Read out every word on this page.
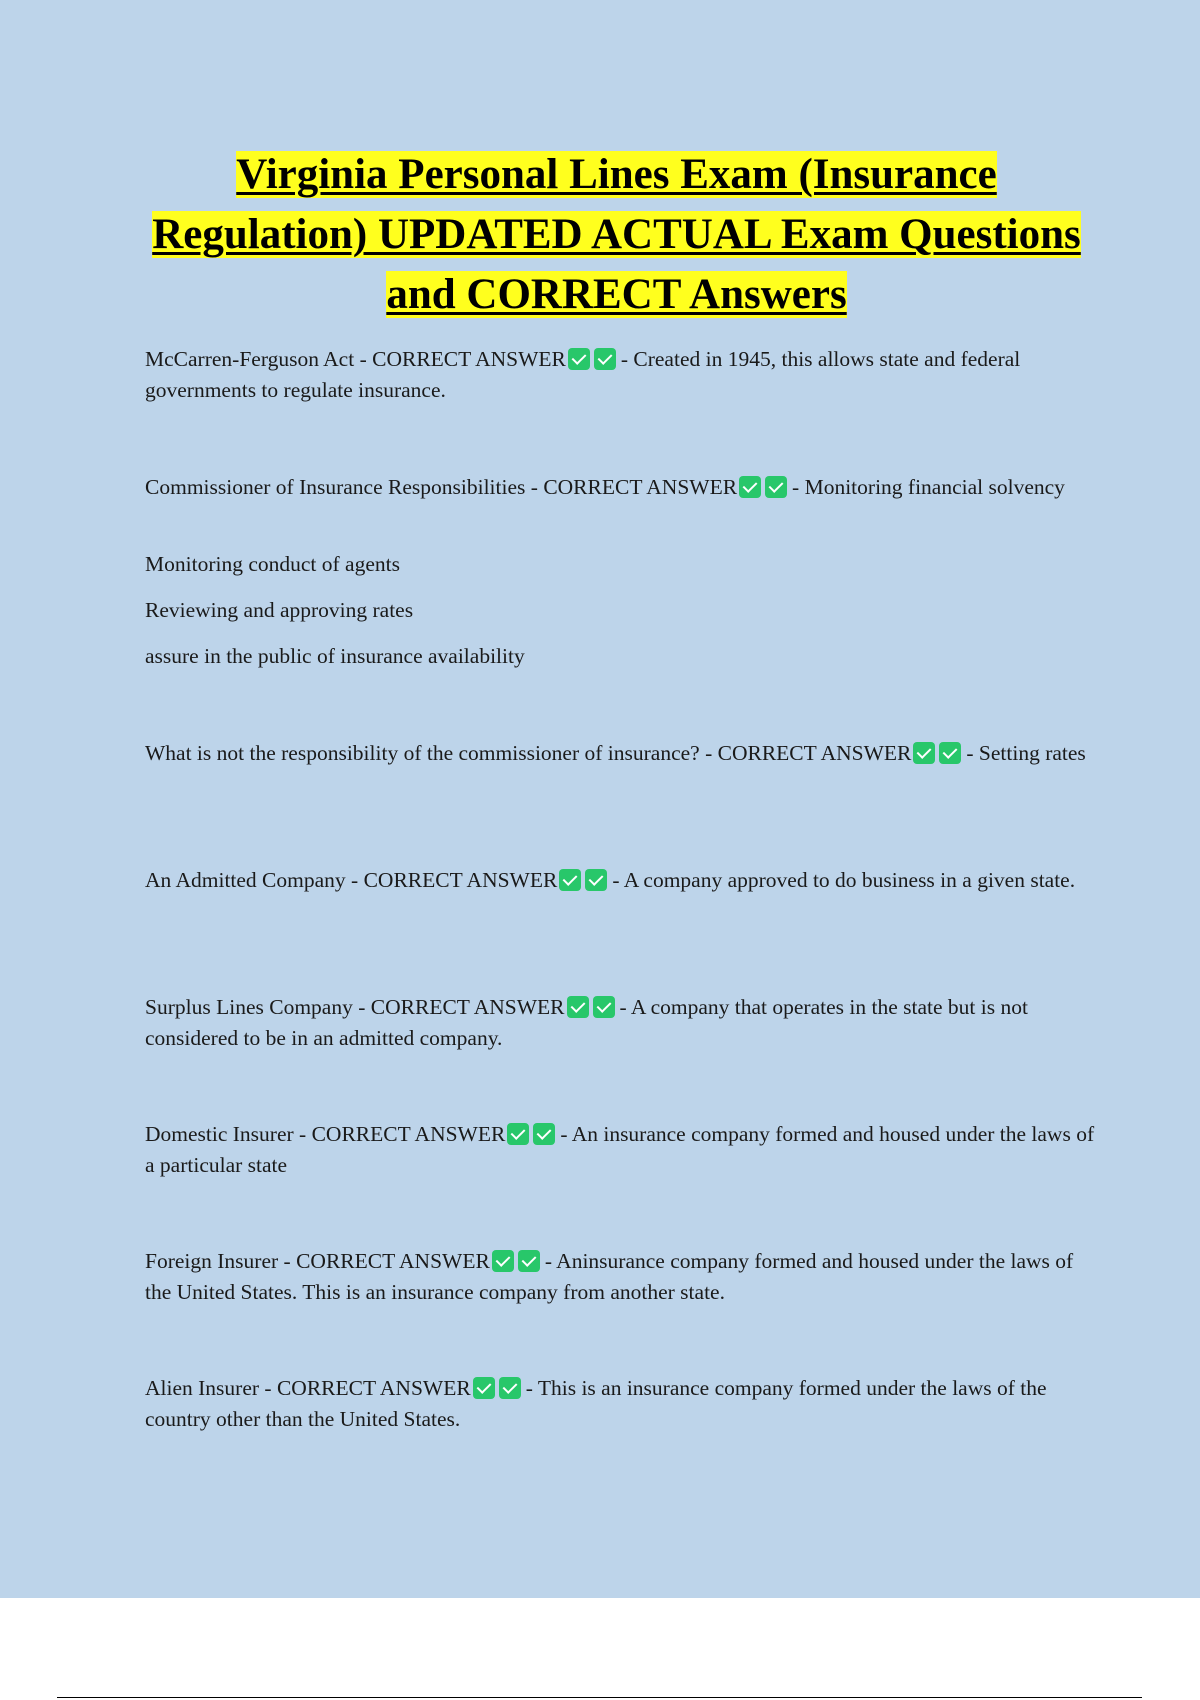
Virginia Personal Lines Exam (Insurance Regulation) UPDATED ACTUAL Exam Questions and CORRECT Answers

McCarren-Ferguson Act - CORRECT ANSWER	- Created in 1945, this allows state and federal governments to regulate insurance.

Commissioner of Insurance Responsibilities - CORRECT ANSWER	- Monitoring financial solvency

Monitoring conduct of agents

Reviewing and approving rates

assure in the public of insurance availability

What is not the responsibility of the commissioner of insurance? - CORRECT ANSWER	- Setting rates

An Admitted Company - CORRECT ANSWER	- A company approved to do business in a given state.

Surplus Lines Company - CORRECT ANSWER	- A company that operates in the state but is not considered to be in an admitted company.

Domestic Insurer - CORRECT ANSWER	- An insurance company formed and housed under the laws of a particular state

Foreign Insurer - CORRECT ANSWER	- Aninsurance company formed and housed under the laws of the United States. This is an insurance company from another state.

Alien Insurer - CORRECT ANSWER	- This is an insurance company formed under the laws of the country other than the United States.
